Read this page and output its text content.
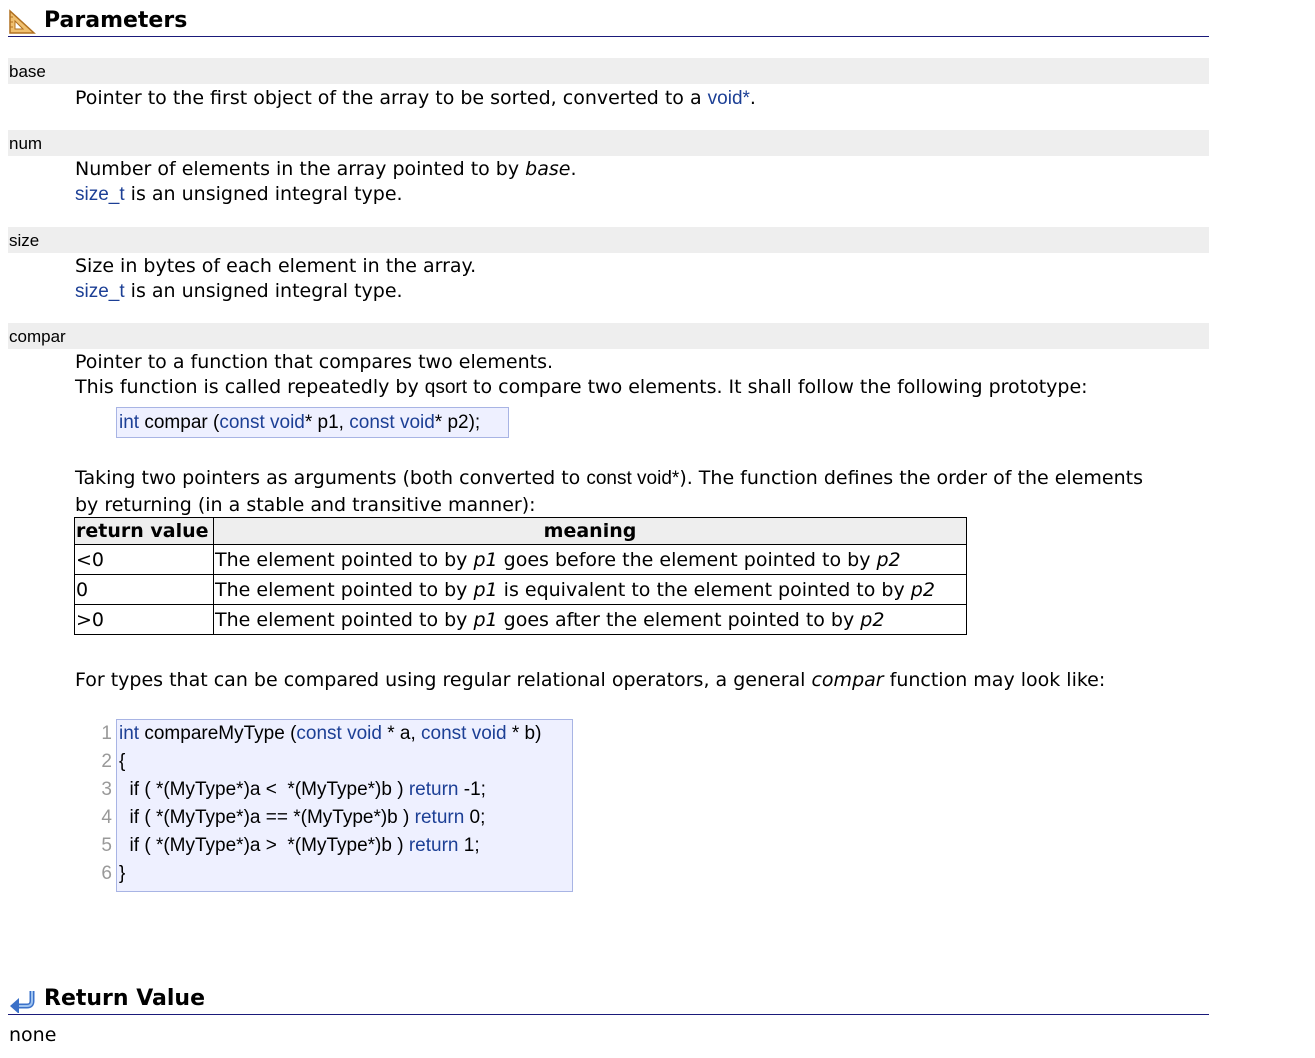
Parameters
base
Pointer to the first object of the array to be sorted, converted to a void*.
num
Number of elements in the array pointed to by base.
size_t is an unsigned integral type.
size
Size in bytes of each element in the array.
size_t is an unsigned integral type.
compar
Pointer to a function that compares two elements.
This function is called repeatedly by qsort to compare two elements. It shall follow the following prototype:
int compar (const void* p1, const void* p2);
Taking two pointers as arguments (both converted to const void*). The function defines the order of the elements
by returning (in a stable and transitive manner):
return value	meaning
<0	The element pointed to by p1 goes before the element pointed to by p2
0	The element pointed to by p1 is equivalent to the element pointed to by p2
>0	The element pointed to by p1 goes after the element pointed to by p2
For types that can be compared using regular relational operators, a general compar function may look like:
1
2
3
4
5
6
int compareMyType (const void * a, const void * b)
{
if ( *(MyType*)a <  *(MyType*)b ) return -1;
if ( *(MyType*)a == *(MyType*)b ) return 0;
if ( *(MyType*)a >  *(MyType*)b ) return 1;
}
Return Value
none
